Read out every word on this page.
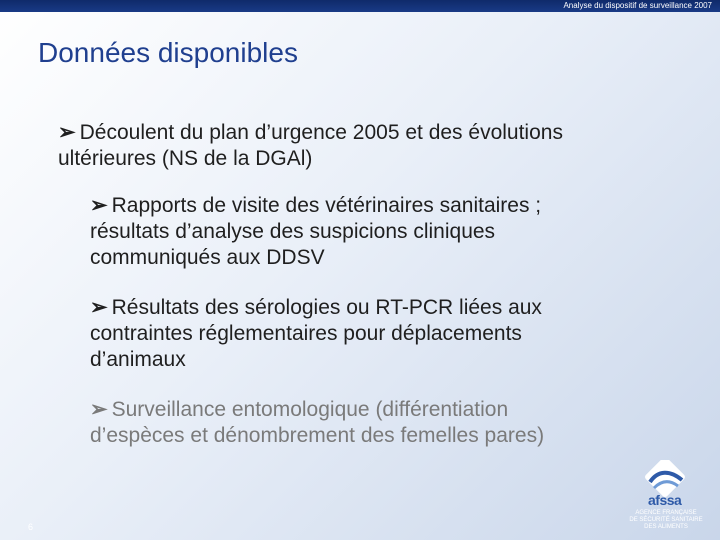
Analyse du dispositif de surveillance 2007
Données disponibles
➢ Découlent du plan d’urgence 2005 et des évolutions
ultérieures (NS de la DGAl)
➢ Rapports de visite des vétérinaires sanitaires ;
résultats d’analyse des suspicions cliniques
communiqués aux DDSV
➢ Résultats des sérologies ou RT-PCR liées aux
contraintes réglementaires pour déplacements
d’animaux
➢ Surveillance entomologique (différentiation
d’espèces et dénombrement des femelles pares)
6
afssa
AGENCE FRANÇAISE
DE SÉCURITÉ SANITAIRE
DES ALIMENTS
